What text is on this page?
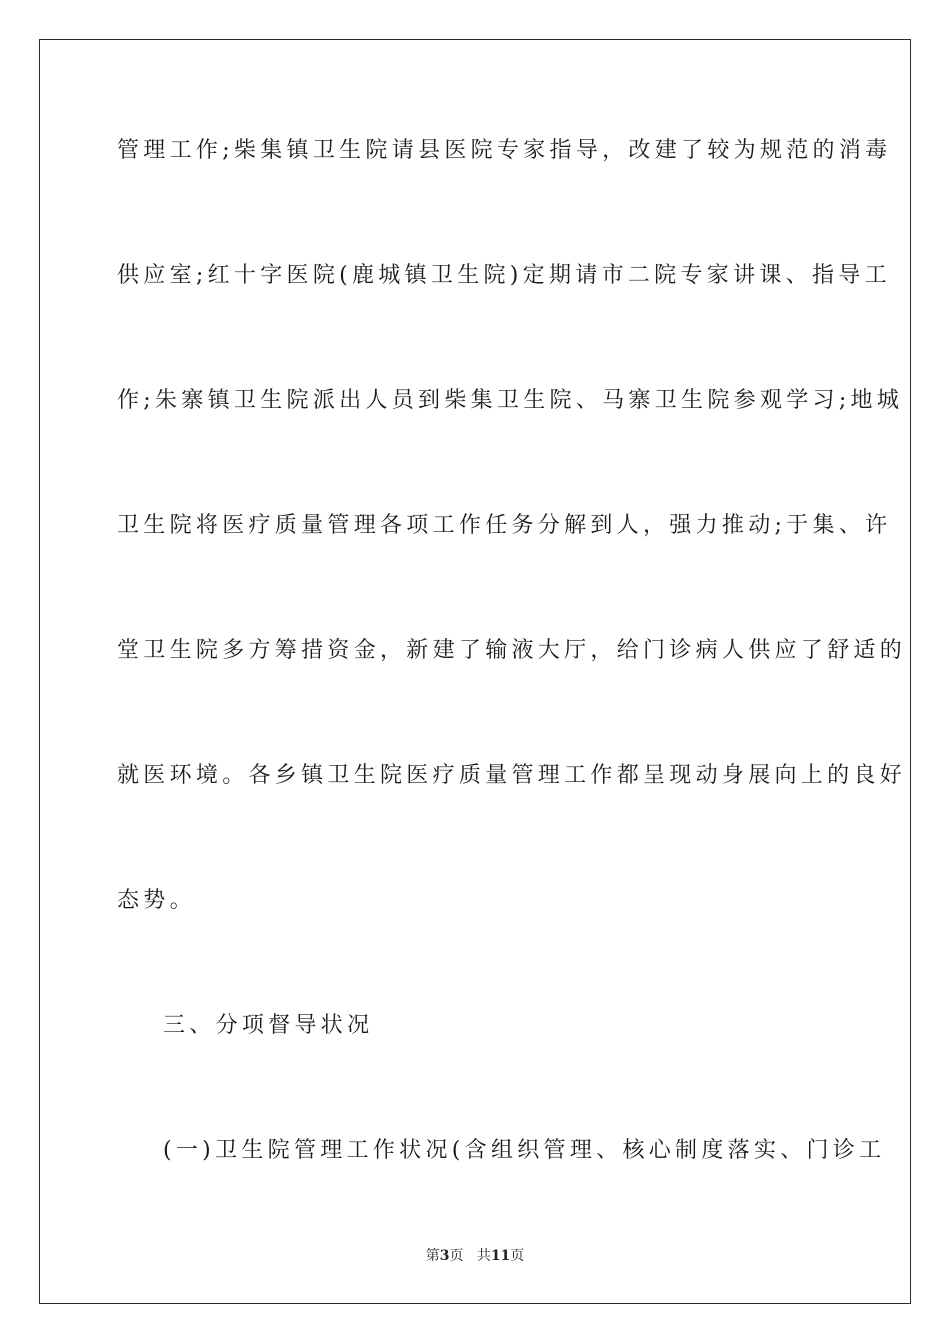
管理工作;柴集镇卫生院请县医院专家指导，改建了较为规范的消毒
供应室;红十字医院(鹿城镇卫生院)定期请市二院专家讲课、指导工
作;朱寨镇卫生院派出人员到柴集卫生院、马寨卫生院参观学习;地城
卫生院将医疗质量管理各项工作任务分解到人，强力推动;于集、许
堂卫生院多方筹措资金，新建了输液大厅，给门诊病人供应了舒适的
就医环境。各乡镇卫生院医疗质量管理工作都呈现动身展向上的良好
态势。
三、分项督导状况
(一)卫生院管理工作状况(含组织管理、核心制度落实、门诊工
第3页 共11页
